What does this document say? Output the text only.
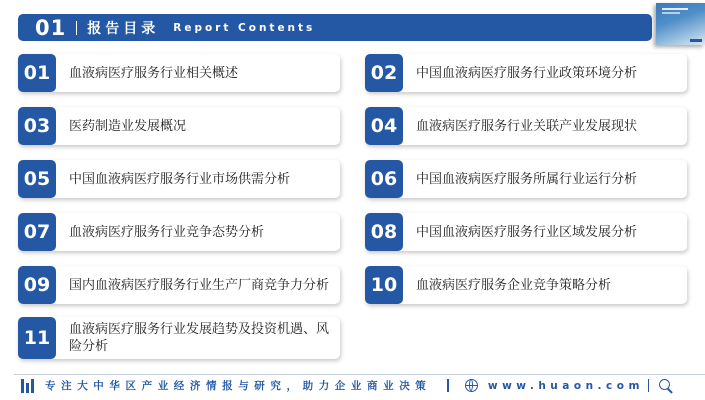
01 报告目录 Report Contents
01	血液病医疗服务行业相关概述	02	中国血液病医疗服务行业政策环境分析
03	医药制造业发展概况	04	血液病医疗服务行业关联产业发展现状
05	中国血液病医疗服务行业市场供需分析	06	中国血液病医疗服务所属行业运行分析
07	血液病医疗服务行业竞争态势分析	08	中国血液病医疗服务行业区域发展分析
09	国内血液病医疗服务行业生产厂商竞争力分析	10	血液病医疗服务企业竞争策略分析
11	血液病医疗服务行业发展趋势及投资机遇、风险分析
专注大中华区产业经济情报与研究，助力企业商业决策	www.huaon.com
